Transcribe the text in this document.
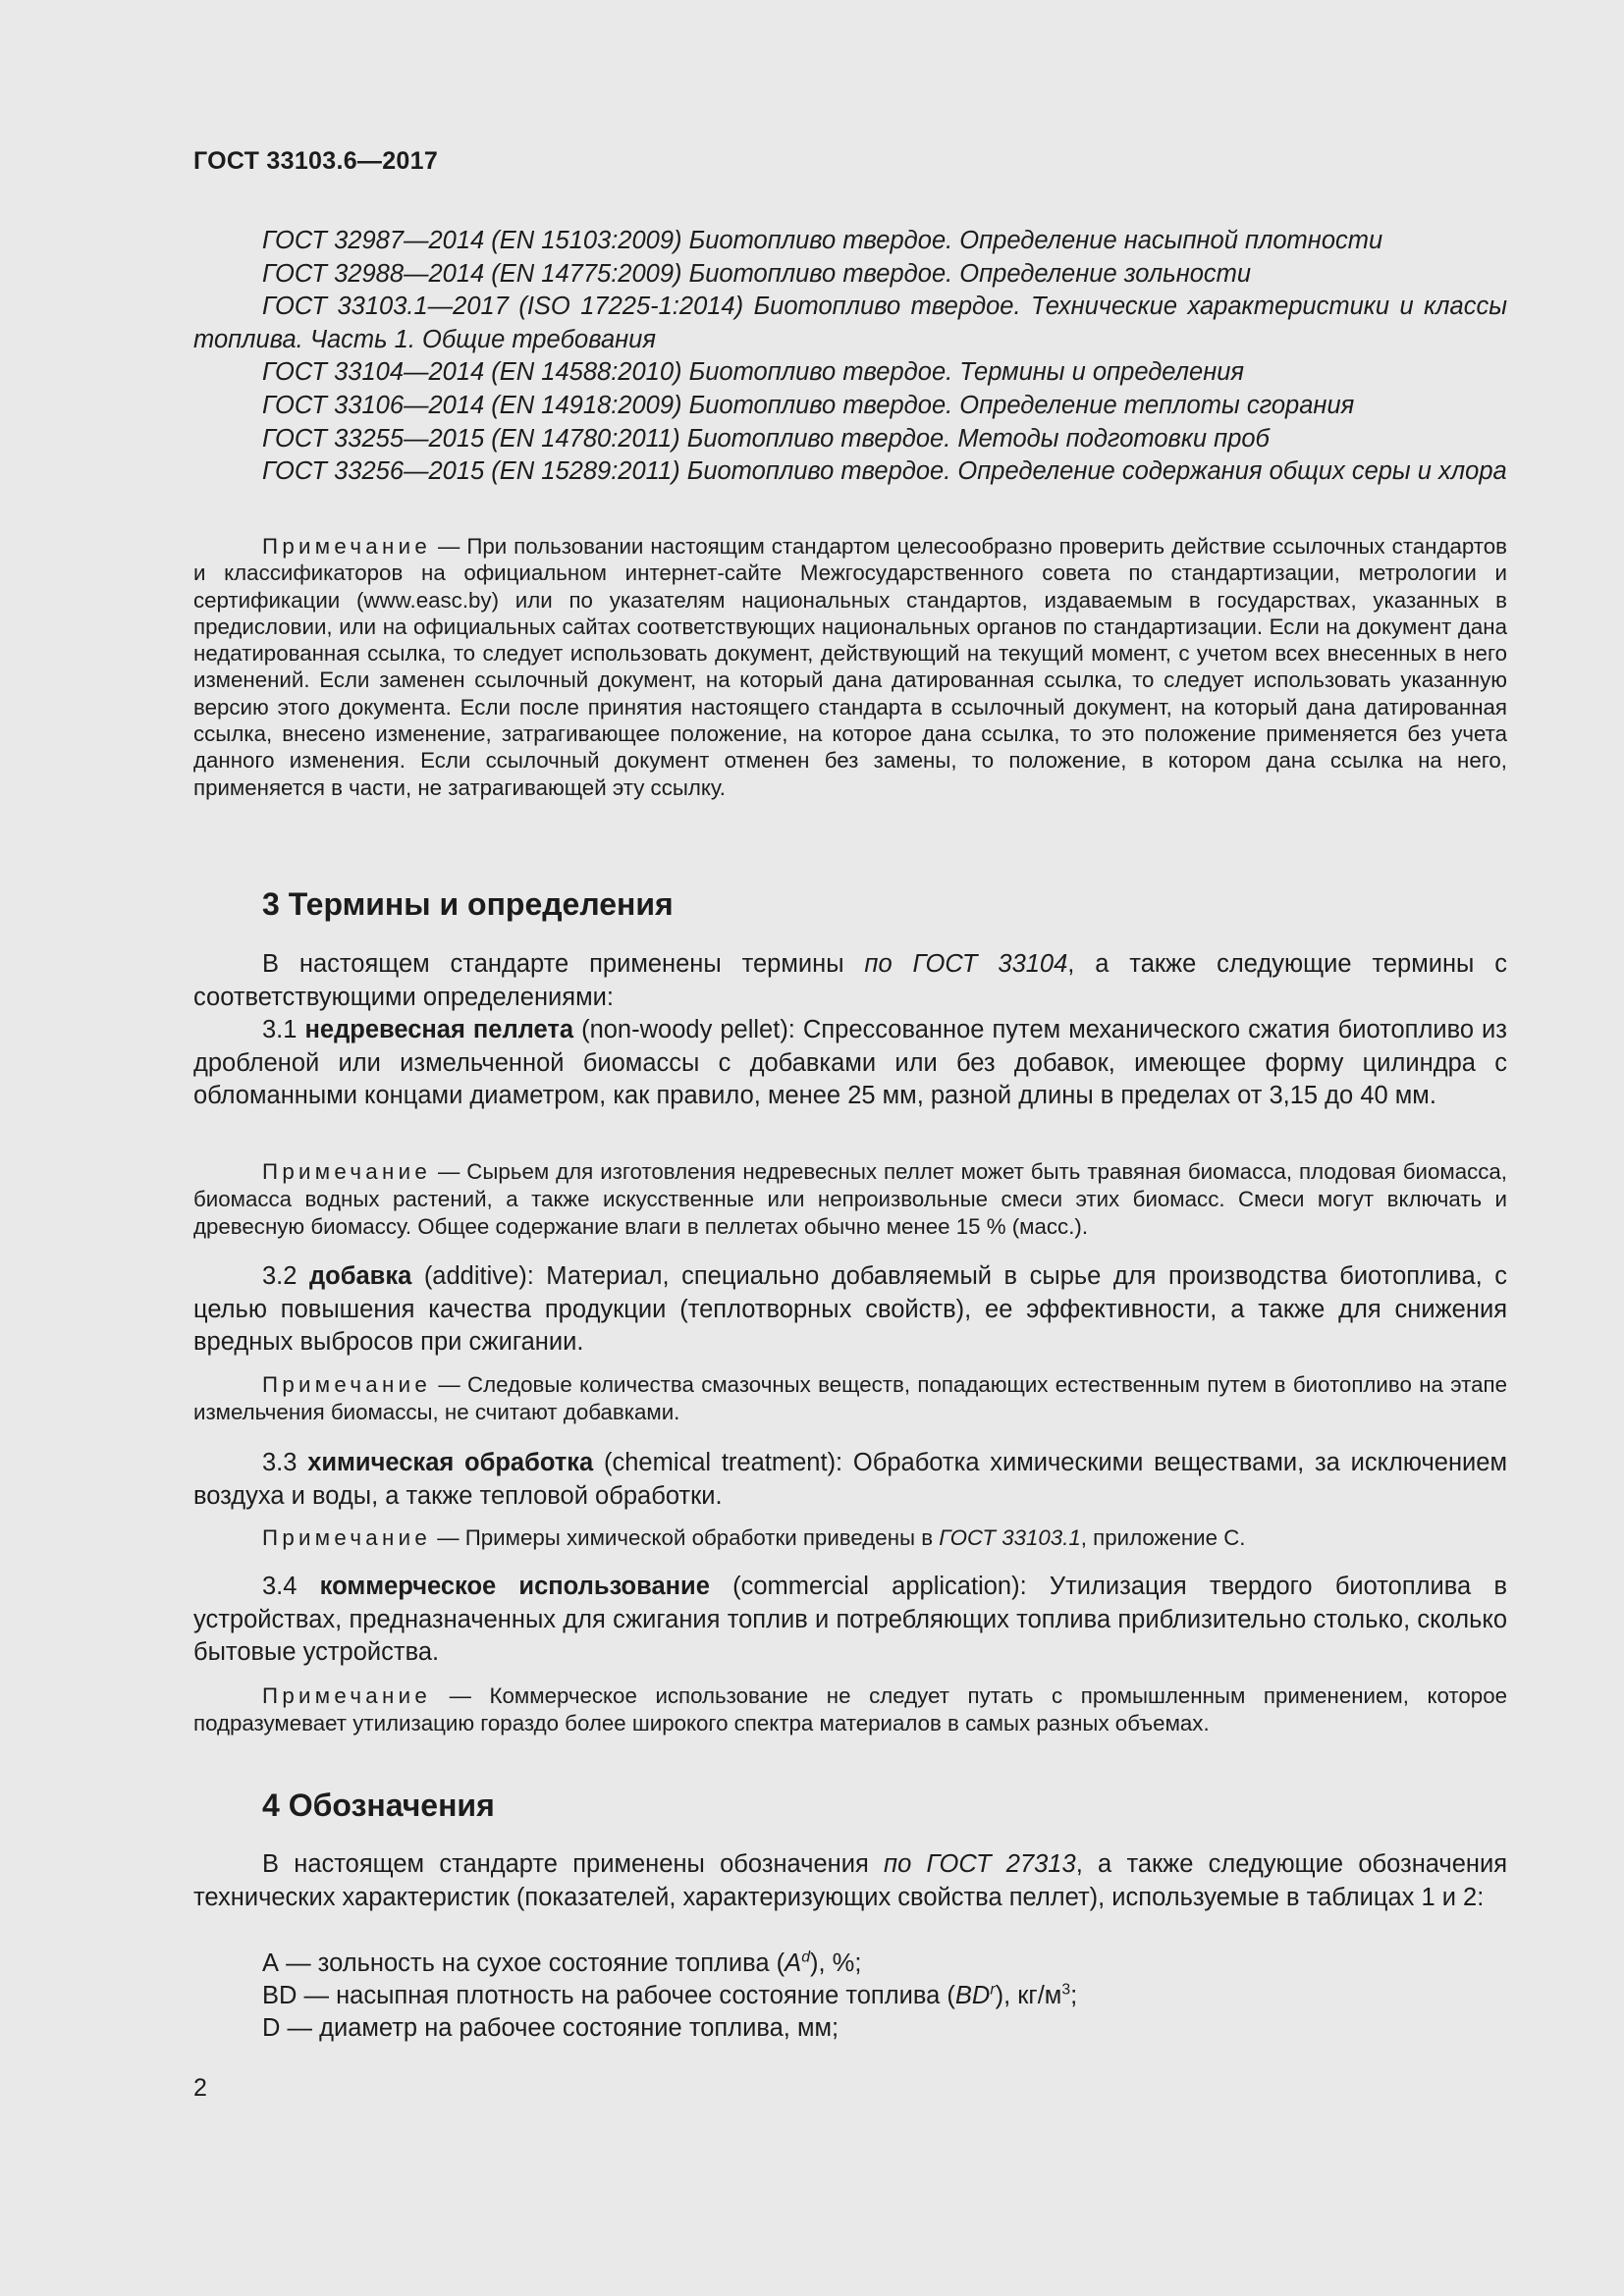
ГОСТ 33103.6—2017

ГОСТ 32987—2014 (EN 15103:2009) Биотопливо твердое. Определение насыпной плотности

ГОСТ 32988—2014 (EN 14775:2009) Биотопливо твердое. Определение зольности

ГОСТ 33103.1—2017 (ISO 17225-1:2014) Биотопливо твердое. Технические характеристики и классы топлива. Часть 1. Общие требования

ГОСТ 33104—2014 (EN 14588:2010) Биотопливо твердое. Термины и определения

ГОСТ 33106—2014 (EN 14918:2009) Биотопливо твердое. Определение теплоты сгорания

ГОСТ 33255—2015 (EN 14780:2011) Биотопливо твердое. Методы подготовки проб

ГОСТ 33256—2015 (EN 15289:2011) Биотопливо твердое. Определение содержания общих серы и хлора

Примечание — При пользовании настоящим стандартом целесообразно проверить действие ссылочных стандартов и классификаторов на официальном интернет-сайте Межгосударственного совета по стандартизации, метрологии и сертификации (www.easc.by) или по указателям национальных стандартов, издаваемым в государствах, указанных в предисловии, или на официальных сайтах соответствующих национальных органов по стандартизации. Если на документ дана недатированная ссылка, то следует использовать документ, действующий на текущий момент, с учетом всех внесенных в него изменений. Если заменен ссылочный документ, на который дана датированная ссылка, то следует использовать указанную версию этого документа. Если после принятия настоящего стандарта в ссылочный документ, на который дана датированная ссылка, внесено изменение, затрагивающее положение, на которое дана ссылка, то это положение применяется без учета данного изменения. Если ссылочный документ отменен без замены, то положение, в котором дана ссылка на него, применяется в части, не затрагивающей эту ссылку.

3 Термины и определения

В настоящем стандарте применены термины по ГОСТ 33104, а также следующие термины с соответствующими определениями:

3.1 недревесная пеллета (non-woody pellet): Спрессованное путем механического сжатия биотопливо из дробленой или измельченной биомассы с добавками или без добавок, имеющее форму цилиндра с обломанными концами диаметром, как правило, менее 25 мм, разной длины в пределах от 3,15 до 40 мм.

Примечание — Сырьем для изготовления недревесных пеллет может быть травяная биомасса, плодовая биомасса, биомасса водных растений, а также искусственные или непроизвольные смеси этих биомасс. Смеси могут включать и древесную биомассу. Общее содержание влаги в пеллетах обычно менее 15 % (масс.).

3.2 добавка (additive): Материал, специально добавляемый в сырье для производства биотоплива, с целью повышения качества продукции (теплотворных свойств), ее эффективности, а также для снижения вредных выбросов при сжигании.

Примечание — Следовые количества смазочных веществ, попадающих естественным путем в биотопливо на этапе измельчения биомассы, не считают добавками.

3.3 химическая обработка (chemical treatment): Обработка химическими веществами, за исключением воздуха и воды, а также тепловой обработки.

Примечание — Примеры химической обработки приведены в ГОСТ 33103.1, приложение С.

3.4 коммерческое использование (commercial application): Утилизация твердого биотоплива в устройствах, предназначенных для сжигания топлив и потребляющих топлива приблизительно столько, сколько бытовые устройства.

Примечание — Коммерческое использование не следует путать с промышленным применением, которое подразумевает утилизацию гораздо более широкого спектра материалов в самых разных объемах.

4 Обозначения

В настоящем стандарте применены обозначения по ГОСТ 27313, а также следующие обозначения технических характеристик (показателей, характеризующих свойства пеллет), используемые в таблицах 1 и 2:

А — зольность на сухое состояние топлива $(A^d)$, %;

BD — насыпная плотность на рабочее состояние топлива $(BD^r)$, $кг/м^3$;

D — диаметр на рабочее состояние топлива, мм;

2
